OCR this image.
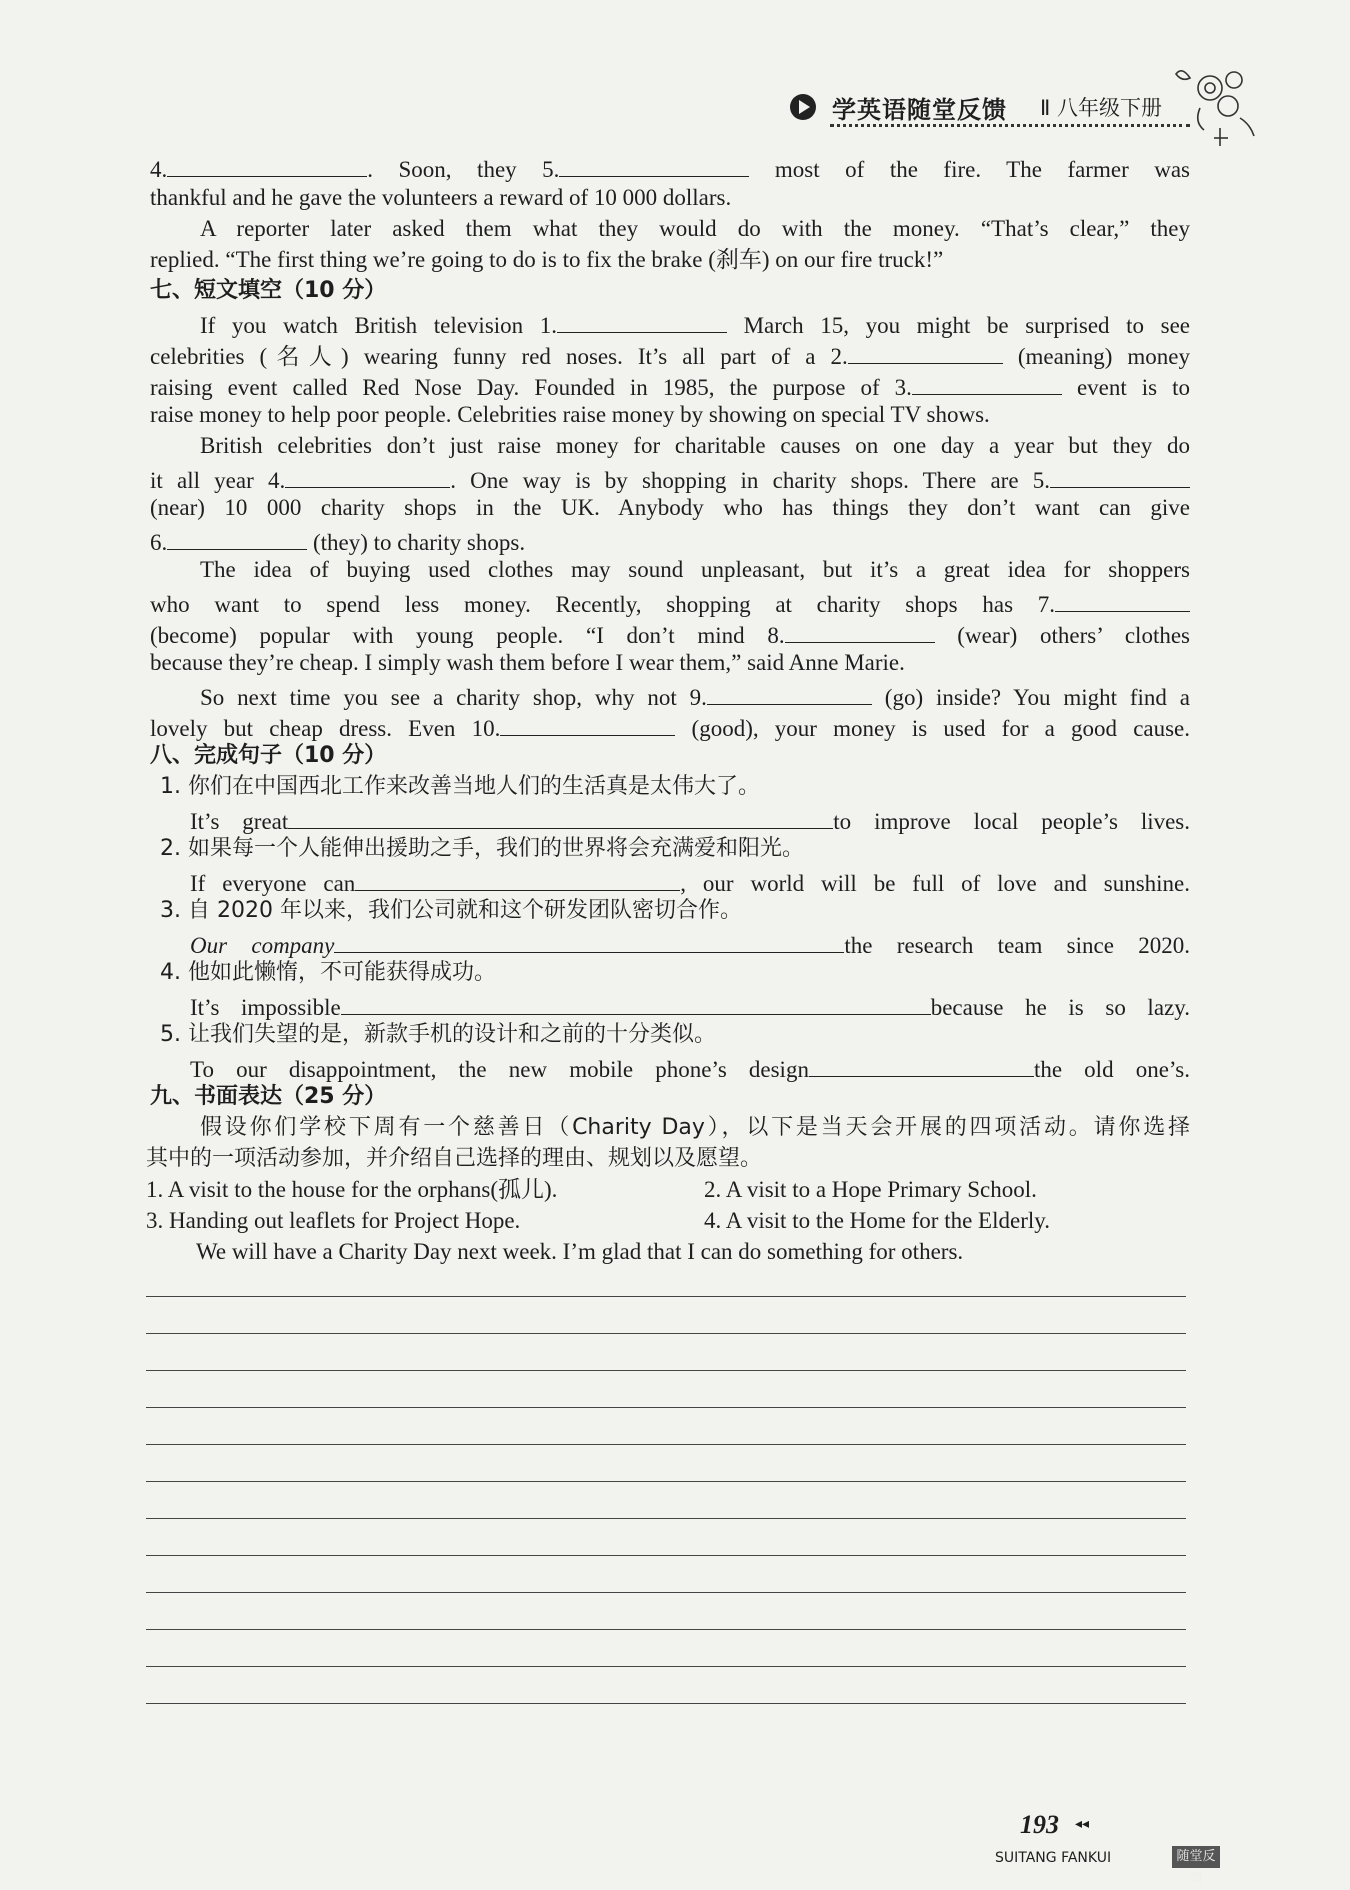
学英语随堂反馈 Ⅱ 八年级下册
4.	. Soon, they 5.	most of the fire. The farmer was
thankful and he gave the volunteers a reward of 10 000 dollars.
A reporter later asked them what they would do with the money. “That’s clear,” they
replied. “The first thing we’re going to do is to fix the brake (刹车) on our fire truck!”
七、短文填空（10 分）
If you watch British television 1.	March 15, you might be surprised to see
celebrities (名人) wearing funny red noses. It’s all part of a 2.	(meaning) money
raising event called Red Nose Day. Founded in 1985, the purpose of 3.	event is to
raise money to help poor people. Celebrities raise money by showing on special TV shows.
British celebrities don’t just raise money for charitable causes on one day a year but they do
it all year 4.	. One way is by shopping in charity shops. There are 5.
(near) 10 000 charity shops in the UK. Anybody who has things they don’t want can give
6.	(they) to charity shops.
The idea of buying used clothes may sound unpleasant, but it’s a great idea for shoppers
who want to spend less money. Recently, shopping at charity shops has 7.
(become) popular with young people. “I don’t mind 8.	(wear) others’ clothes
because they’re cheap. I simply wash them before I wear them,” said Anne Marie.
So next time you see a charity shop, why not 9.	(go) inside? You might find a
lovely but cheap dress. Even 10.	(good), your money is used for a good cause.
八、完成句子（10 分）
1. 你们在中国西北工作来改善当地人们的生活真是太伟大了。
It’s great	to improve local people’s lives.
2. 如果每一个人能伸出援助之手，我们的世界将会充满爱和阳光。
If everyone can	, our world will be full of love and sunshine.
3. 自 2020 年以来，我们公司就和这个研发团队密切合作。
Our company	the research team since 2020.
4. 他如此懒惰，不可能获得成功。
It’s impossible	because he is so lazy.
5. 让我们失望的是，新款手机的设计和之前的十分类似。
To our disappointment, the new mobile phone’s design	the old one’s.
九、书面表达（25 分）
假设你们学校下周有一个慈善日（Charity Day），以下是当天会开展的四项活动。请你选择
其中的一项活动参加，并介绍自己选择的理由、规划以及愿望。
1. A visit to the house for the orphans(孤儿).	2. A visit to a Hope Primary School.
3. Handing out leaflets for Project Hope.	4. A visit to the Home for the Elderly.
We will have a Charity Day next week. I’m glad that I can do something for others.
193 ◂◂
SUITANG FANKUI	随堂反馈
